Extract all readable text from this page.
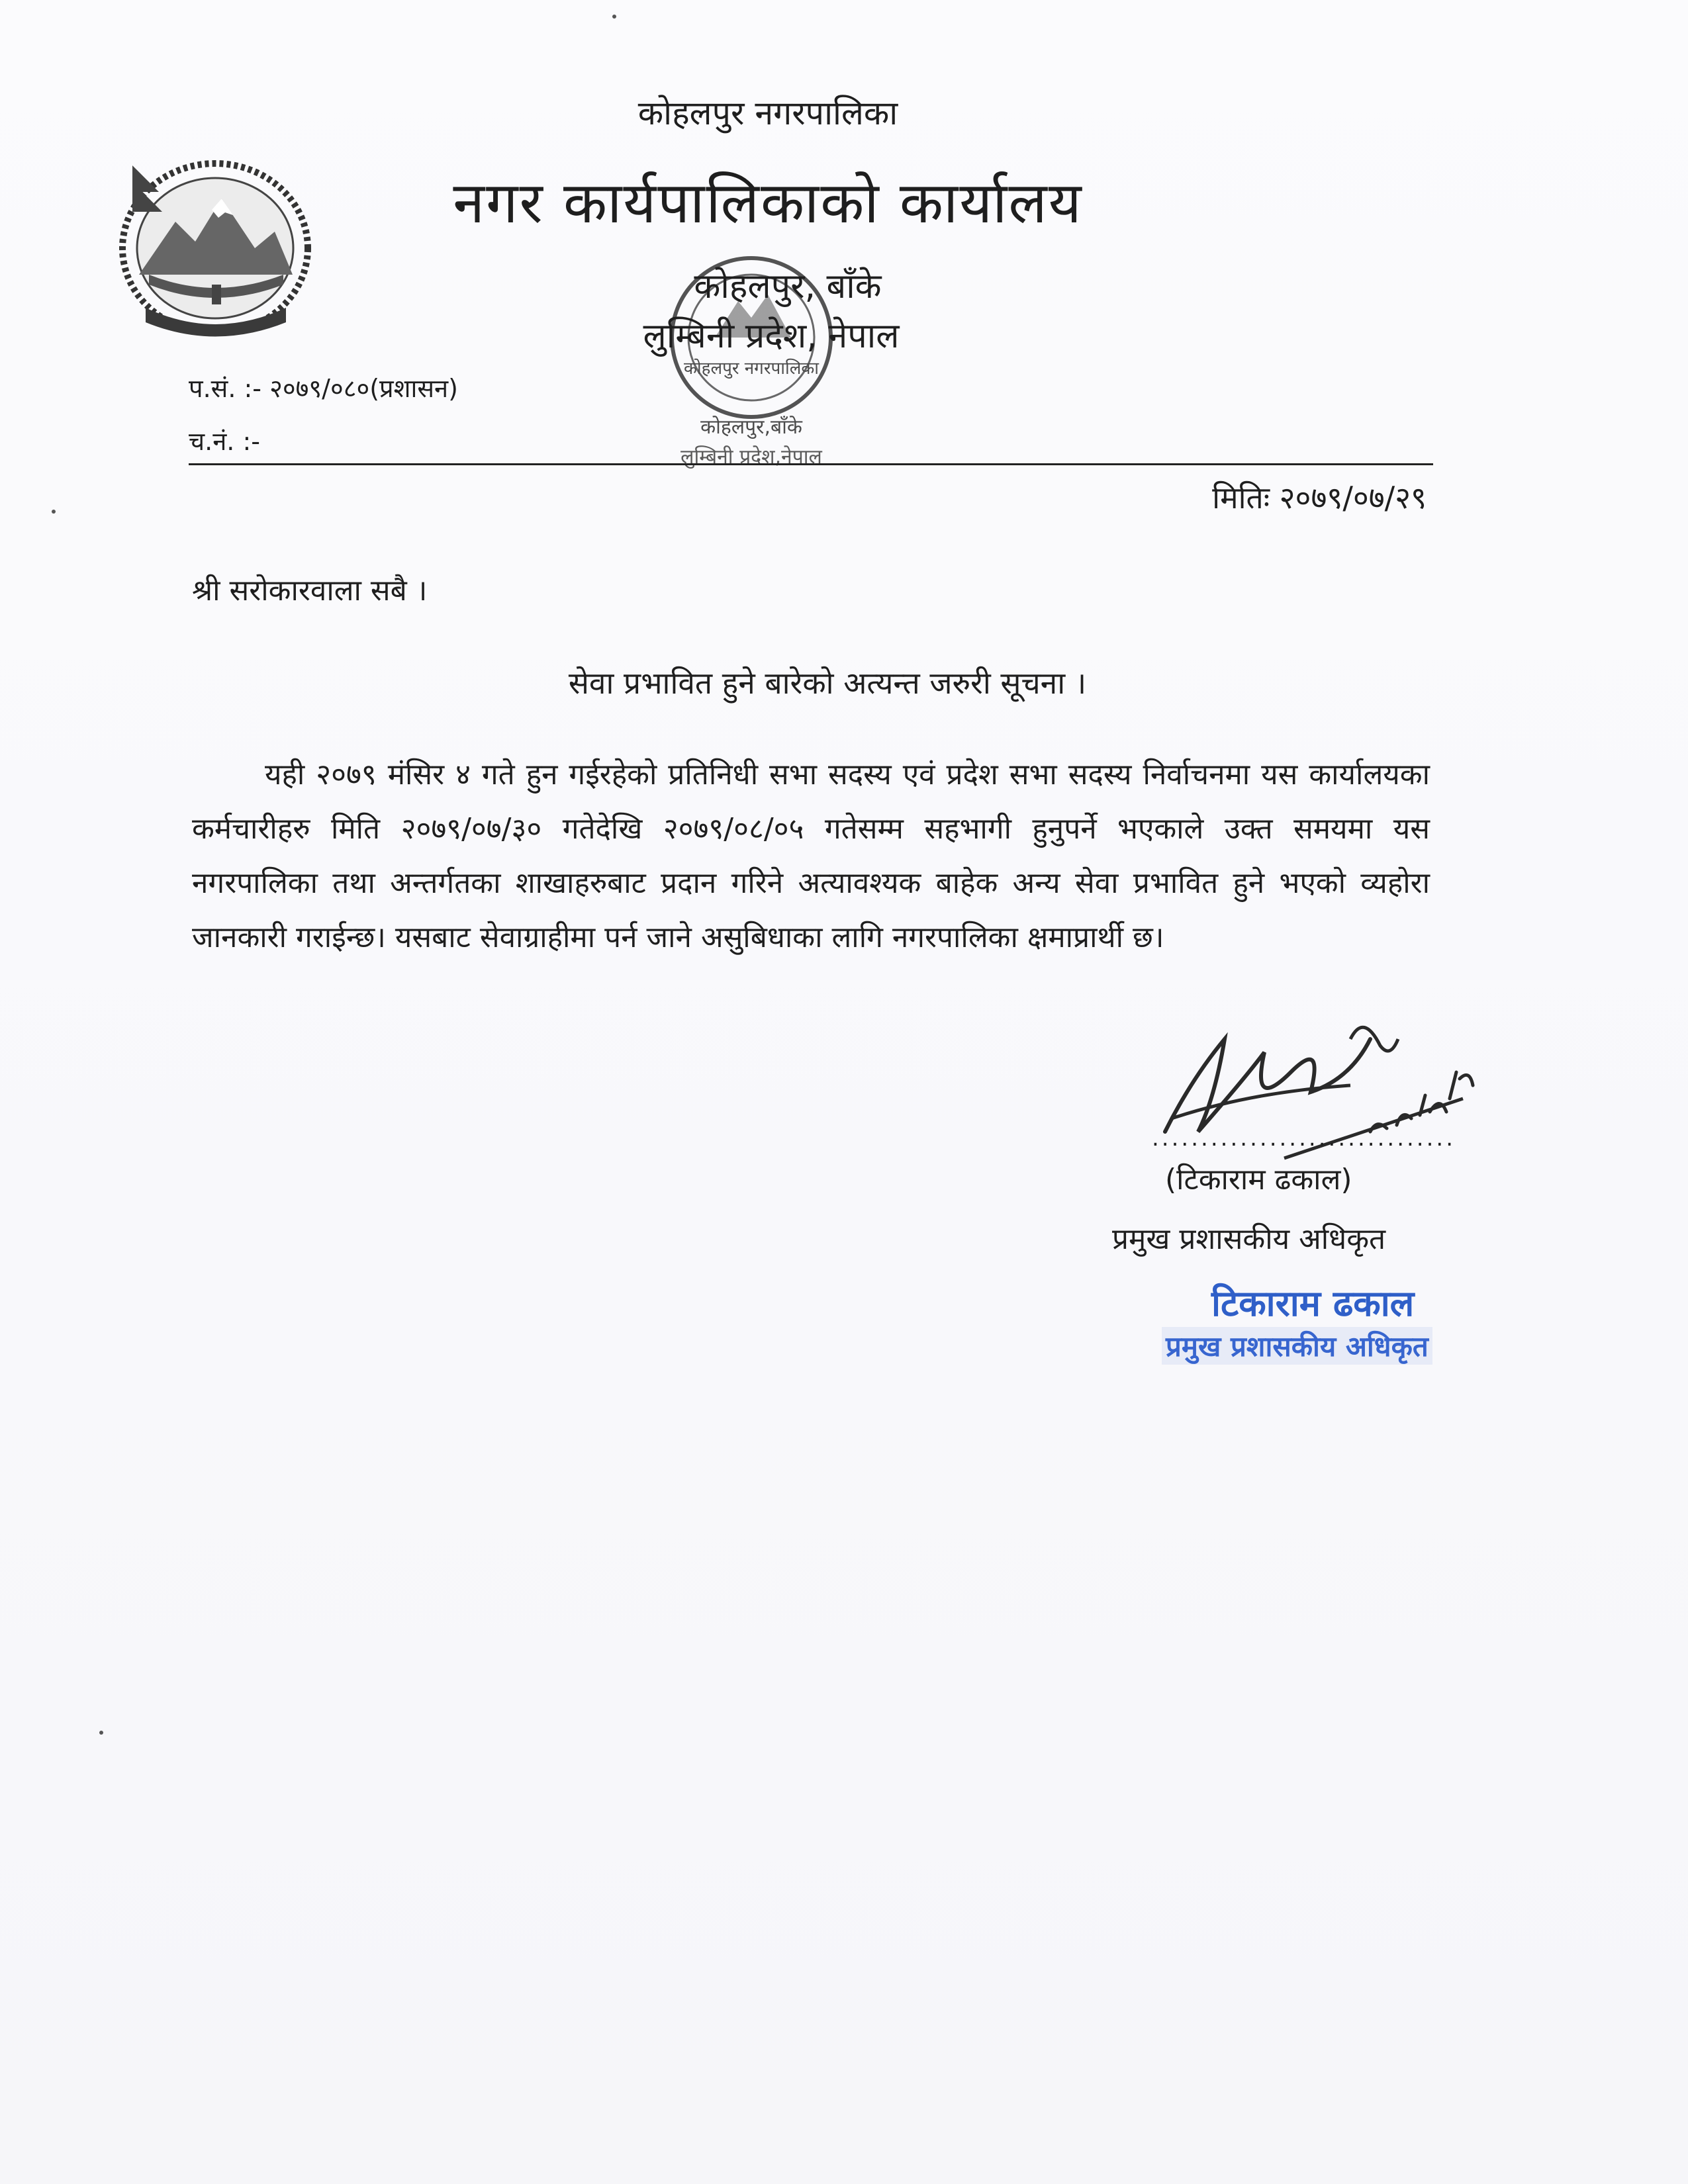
कोहलपुर नगरपालिका
कोहलपुर,बाँके
लुम्बिनी प्रदेश,नेपाल
कोहलपुर नगरपालिका
नगर कार्यपालिकाको कार्यालय
कोहलपुर, बाँके
लुम्बिनी प्रदेश, नेपाल
प.सं. :- २०७९/०८०(प्रशासन)
च.नं. :-
मितिः २०७९/०७/२९
श्री सरोकारवाला सबै ।
सेवा प्रभावित हुने बारेको अत्यन्त जरुरी सूचना ।
यही २०७९ मंसिर ४ गते हुन गईरहेको प्रतिनिधी सभा सदस्य एवं प्रदेश सभा सदस्य निर्वाचनमा यस कार्यालयका कर्मचारीहरु मिति २०७९/०७/३० गतेदेखि २०७९/०८/०५ गतेसम्म सहभागी हुनुपर्ने भएकाले उक्त समयमा यस नगरपालिका तथा अन्तर्गतका शाखाहरुबाट प्रदान गरिने अत्यावश्यक बाहेक अन्य सेवा प्रभावित हुने भएको व्यहोरा जानकारी गराईन्छ। यसबाट सेवाग्राहीमा पर्न जाने असुबिधाका लागि नगरपालिका क्षमाप्रार्थी छ।
...............................
(टिकाराम ढकाल)
प्रमुख प्रशासकीय अधिकृत
टिकाराम ढकाल
प्रमुख प्रशासकीय अधिकृत
